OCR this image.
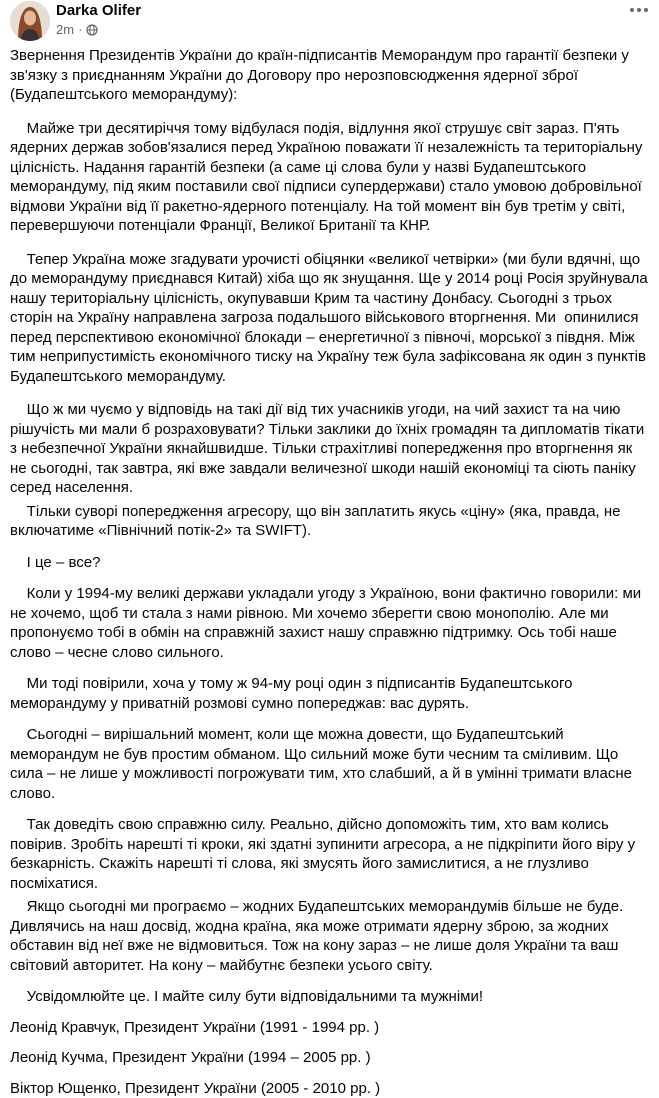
Darka Olifer
2m ·

Звернення Президентів України до країн-підписантів Меморандум про гарантії безпеки у зв'язку з приєднанням України до Договору про нерозповсюдження ядерної зброї (Будапештського меморандуму):

Майже три десятиріччя тому відбулася подія, відлуння якої струшує світ зараз. П'ять ядерних держав зобов'язалися перед Україною поважати її незалежність та територіальну цілісність. Надання гарантій безпеки (а саме ці слова були у назві Будапештського меморандуму, під яким поставили свої підписи супердержави) стало умовою добровільної відмови України від її ракетно-ядерного потенціалу. На той момент він був третім у світі, перевершуючи потенціали Франції, Великої Британії та КНР.

Тепер Україна може згадувати урочисті обіцянки «великої четвірки» (ми були вдячні, що до меморандуму приєднався Китай) хіба що як знущання. Ще у 2014 році Росія зруйнувала нашу територіальну цілісність, окупувавши Крим та частину Донбасу. Сьогодні з трьох сторін на Україну направлена загроза подальшого військового вторгнення. Ми  опинилися перед перспективою економічної блокади – енергетичної з півночі, морської з півдня. Між тим неприпустимість економічного тиску на Україну теж була зафіксована як один з пунктів Будапештського меморандуму.

Що ж ми чуємо у відповідь на такі дії від тих учасників угоди, на чий захист та на чию рішучість ми мали б розраховувати? Тільки заклики до їхніх громадян та дипломатів тікати з небезпечної України якнайшвидше. Тільки страхітливі попередження про вторгнення як не сьогодні, так завтра, які вже завдали величезної шкоди нашій економіці та сіють паніку серед населення.

Тільки суворі попередження агресору, що він заплатить якусь «ціну» (яка, правда, не включатиме «Північний потік-2» та SWIFT).

І це – все?

Коли у 1994-му великі держави укладали угоду з Україною, вони фактично говорили: ми не хочемо, щоб ти стала з нами рівною. Ми хочемо зберегти свою монополію. Але ми пропонуємо тобі в обмін на справжній захист нашу справжню підтримку. Ось тобі наше слово – чесне слово сильного.

Ми тоді повірили, хоча у тому ж 94-му році один з підписантів Будапештського меморандуму у приватній розмові сумно попереджав: вас дурять.

Сьогодні – вирішальний момент, коли ще можна довести, що Будапештський меморандум не був простим обманом. Що сильний може бути чесним та сміливим. Що сила – не лише у можливості погрожувати тим, хто слабший, а й в умінні тримати власне слово.

Так доведіть свою справжню силу. Реально, дійсно допоможіть тим, хто вам колись повірив. Зробіть нарешті ті кроки, які здатні зупинити агресора, а не підкріпити його віру у безкарність. Скажіть нарешті ті слова, які змусять його замислитися, а не глузливо посміхатися.

Якщо сьогодні ми програємо – жодних Будапештських меморандумів більше не буде. Дивлячись на наш досвід, жодна країна, яка може отримати ядерну зброю, за жодних обставин від неї вже не відмовиться. Тож на кону зараз – не лише доля України та ваш світовий авторитет. На кону – майбутнє безпеки усього світу.

Усвідомлюйте це. І майте силу бути відповідальними та мужніми!

Леонід Кравчук, Президент України (1991 - 1994 рр. )

Леонід Кучма, Президент України (1994 – 2005 рр. )

Віктор Ющенко, Президент України (2005 - 2010 рр. )
